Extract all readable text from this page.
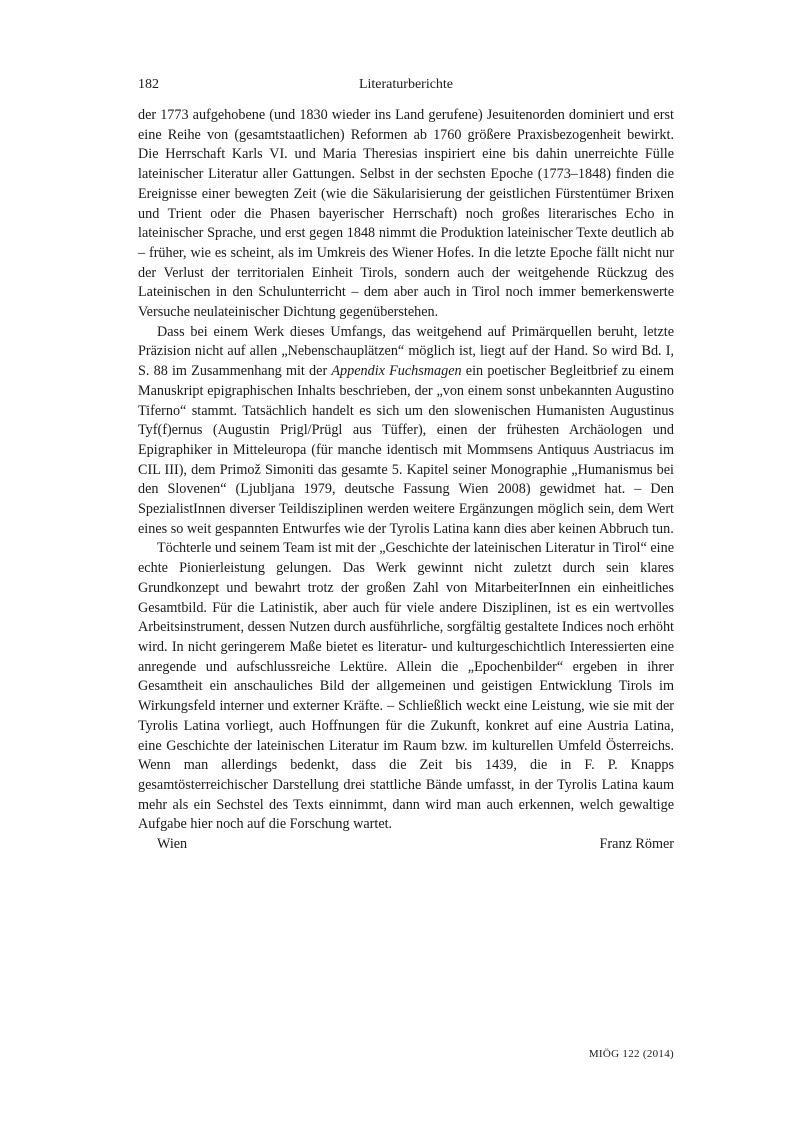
182	Literaturberichte

der 1773 aufgehobene (und 1830 wieder ins Land gerufene) Jesuitenorden dominiert und erst eine Reihe von (gesamtstaatlichen) Reformen ab 1760 größere Praxisbezogenheit bewirkt. Die Herrschaft Karls VI. und Maria Theresias inspiriert eine bis dahin unerreichte Fülle lateinischer Literatur aller Gattungen. Selbst in der sechsten Epoche (1773–1848) finden die Ereignisse einer bewegten Zeit (wie die Säkularisierung der geistlichen Fürstentümer Brixen und Trient oder die Phasen bayerischer Herrschaft) noch großes literarisches Echo in lateinischer Sprache, und erst gegen 1848 nimmt die Produktion lateinischer Texte deutlich ab – früher, wie es scheint, als im Umkreis des Wiener Hofes. In die letzte Epoche fällt nicht nur der Verlust der territorialen Einheit Tirols, sondern auch der weitgehende Rückzug des Lateinischen in den Schulunterricht – dem aber auch in Tirol noch immer bemerkenswerte Versuche neulateinischer Dichtung gegenüberstehen.

Dass bei einem Werk dieses Umfangs, das weitgehend auf Primärquellen beruht, letzte Präzision nicht auf allen „Nebenschauplätzen“ möglich ist, liegt auf der Hand. So wird Bd. I, S. 88 im Zusammenhang mit der Appendix Fuchsmagen ein poetischer Begleitbrief zu einem Manuskript epigraphischen Inhalts beschrieben, der „von einem sonst unbekannten Augustino Tiferno“ stammt. Tatsächlich handelt es sich um den slowenischen Humanisten Augustinus Tyf(f)ernus (Augustin Prigl/Prügl aus Tüffer), einen der frühesten Archäologen und Epigraphiker in Mitteleuropa (für manche identisch mit Mommsens Antiquus Austriacus im CIL III), dem Primož Simoniti das gesamte 5. Kapitel seiner Monographie „Humanismus bei den Slovenen“ (Ljubljana 1979, deutsche Fassung Wien 2008) gewidmet hat. – Den SpezialistInnen diverser Teildisziplinen werden weitere Ergänzungen möglich sein, dem Wert eines so weit gespannten Entwurfes wie der Tyrolis Latina kann dies aber keinen Abbruch tun.

Töchterle und seinem Team ist mit der „Geschichte der lateinischen Literatur in Tirol“ eine echte Pionierleistung gelungen. Das Werk gewinnt nicht zuletzt durch sein klares Grundkonzept und bewahrt trotz der großen Zahl von MitarbeiterInnen ein einheitliches Gesamtbild. Für die Latinistik, aber auch für viele andere Disziplinen, ist es ein wertvolles Arbeitsinstrument, dessen Nutzen durch ausführliche, sorgfältig gestaltete Indices noch erhöht wird. In nicht geringerem Maße bietet es literatur- und kulturgeschichtlich Interessierten eine anregende und aufschlussreiche Lektüre. Allein die „Epochenbilder“ ergeben in ihrer Gesamtheit ein anschauliches Bild der allgemeinen und geistigen Entwicklung Tirols im Wirkungsfeld interner und externer Kräfte. – Schließlich weckt eine Leistung, wie sie mit der Tyrolis Latina vorliegt, auch Hoffnungen für die Zukunft, konkret auf eine Austria Latina, eine Geschichte der lateinischen Literatur im Raum bzw. im kulturellen Umfeld Österreichs. Wenn man allerdings bedenkt, dass die Zeit bis 1439, die in F. P. Knapps gesamtösterreichischer Darstellung drei stattliche Bände umfasst, in der Tyrolis Latina kaum mehr als ein Sechstel des Texts einnimmt, dann wird man auch erkennen, welch gewaltige Aufgabe hier noch auf die Forschung wartet.

Wien	Franz Römer
MIÖG 122 (2014)
